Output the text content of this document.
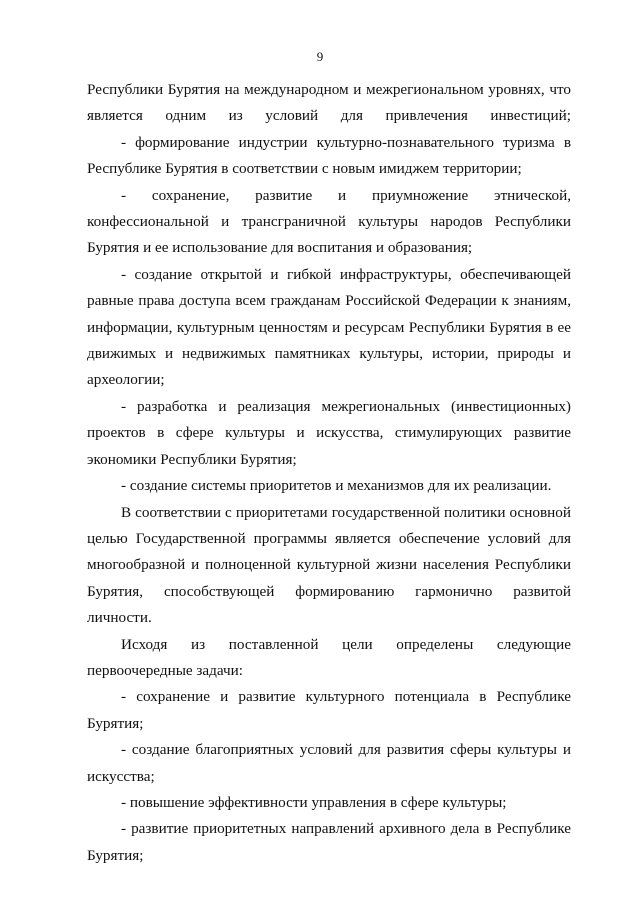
9

Республики Бурятия на международном и межрегиональном уровнях, что является одним из условий для привлечения инвестиций;

- формирование индустрии культурно-познавательного туризма в Республике Бурятия в соответствии с новым имиджем территории;

- сохранение, развитие и приумножение этнической, конфессиональной и трансграничной культуры народов Республики Бурятия и ее использование для воспитания и образования;

- создание открытой и гибкой инфраструктуры, обеспечивающей равные права доступа всем гражданам Российской Федерации к знаниям, информации, культурным ценностям и ресурсам Республики Бурятия в ее движимых и недвижимых памятниках культуры, истории, природы и археологии;

- разработка и реализация межрегиональных (инвестиционных) проектов в сфере культуры и искусства, стимулирующих развитие экономики Республики Бурятия;

- создание системы приоритетов и механизмов для их реализации.

В соответствии с приоритетами государственной политики основной целью Государственной программы является обеспечение условий для многообразной и полноценной культурной жизни населения Республики Бурятия, способствующей формированию гармонично развитой личности.

Исходя из поставленной цели определены следующие первоочередные задачи:

- сохранение и развитие культурного потенциала в Республике Бурятия;

- создание благоприятных условий для развития сферы культуры и искусства;

- повышение эффективности управления в сфере культуры;

- развитие приоритетных направлений архивного дела в Республике Бурятия;
